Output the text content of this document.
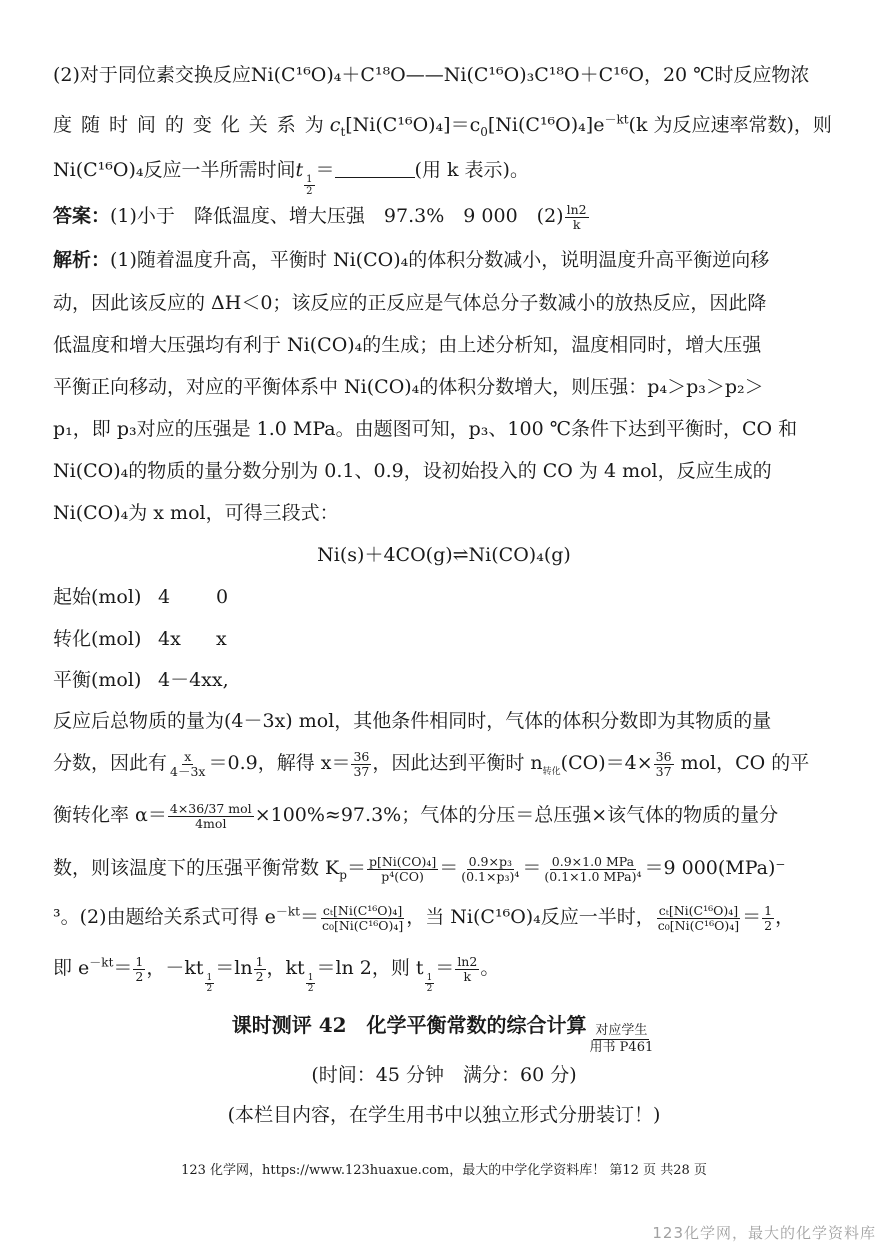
(2)对于同位素交换反应Ni(C¹⁶O)₄＋C¹⁸O——Ni(C¹⁶O)₃C¹⁸O＋C¹⁶O，20 ℃时反应物浓
度 随 时 间 的 变 化 关 系 为 $c_t[Ni(C^{16}O)_4]=c_0[Ni(C^{16}O)_4]e^{-kt}(k$ 为反应速率常数)，则
Ni(C¹⁶O)₄反应一半所需时间t
$\frac{1}{2}$
＝	(用 k 表示)。
答案：(1)小于　降低温度、增大压强　97.3%　9 000　$(2) \frac{\ln 2}{k}$
解析：(1)随着温度升高，平衡时 Ni(CO)₄的体积分数减小，说明温度升高平衡逆向移
动，因此该反应的 ΔH＜0；该反应的正反应是气体总分子数减小的放热反应，因此降
低温度和增大压强均有利于 Ni(CO)₄的生成；由上述分析知，温度相同时，增大压强
平衡正向移动，对应的平衡体系中 Ni(CO)₄的体积分数增大，则压强：p₄＞p₃＞p₂＞
p₁，即 p₃对应的压强是 1.0 MPa。由题图可知，p₃、100 ℃条件下达到平衡时，CO 和
Ni(CO)₄的物质的量分数分别为 0.1、0.9，设初始投入的 CO 为 4 mol，反应生成的
Ni(CO)₄为 x mol，可得三段式：
Ni(s)＋4CO(g)⇌Ni(CO)₄(g)
起始(mol) 4 0
转化(mol) 4x x
平衡(mol) 4－4xx,
反应后总物质的量为(4－3x) mol，其他条件相同时，气体的体积分数即为其物质的量
分数，因此有 $\frac{x}{4-3x} =0.9$，解得 $x= \frac{36}{37}$ ，因此达到平衡时 $n_{转化}(CO)=4\times \frac{36}{37}$ mol，CO 的平
衡转化率 $\alpha= \frac{\text{4×36/37 mol}}{\text{4mol}} \times 100\%\approx 97.3\%$；气体的分压＝总压强×该气体的物质的量分
数，则该温度下的压强平衡常数 $K_p= \frac{\text{p[Ni(CO)₄]}}{\text{p⁴(CO)}} = \frac{\text{0.9×p₃}}{\text{(0.1×p₃)⁴}} = \frac{\text{0.9×1.0 MPa}}{\text{(0.1×1.0 MPa)⁴}} =9$ 000(MPa)⁻
³。(2)由题给关系式可得 $e^{-kt}= \frac{\text{cₜ[Ni(C¹⁶O)₄]}}{\text{c₀[Ni(C¹⁶O)₄]}}$ ，当 Ni(C¹⁶O)₄反应一半时， $\frac{\text{cₜ[Ni(C¹⁶O)₄]}}{\text{c₀[Ni(C¹⁶O)₄]}} = \frac{1}{2}$ ，
即 $e^{-kt}= \frac{1}{2}$ ，－kt
$\frac{1}{2}$
$=\ln \frac{1}{2}$ ，kt
$\frac{1}{2}$
＝ln 2，则 t
$\frac{1}{2}$
＝ $\frac{\ln 2}{k}$ 。
课时测评 42　化学平衡常数的综合计算 $\frac{\text{对应学生}}{\text{用书 P461}}$
(时间：45 分钟　满分：60 分)
(本栏目内容，在学生用书中以独立形式分册装订！)
123 化学网，https://www.123huaxue.com，最大的中学化学资料库！ 第12 页 共28 页
123化学网，最大的化学资料库
